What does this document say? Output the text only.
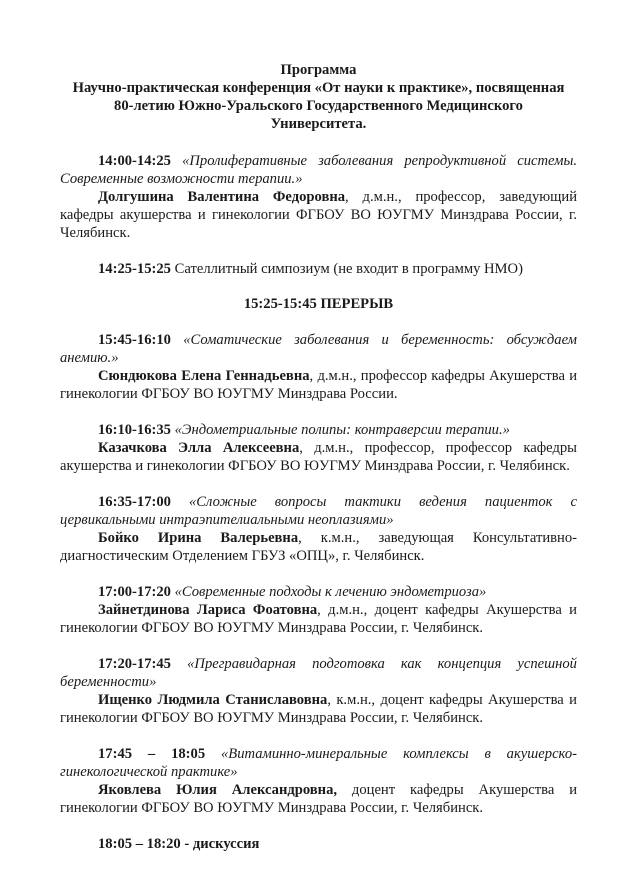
Программа
Научно-практическая конференция «От науки к практике», посвященная
80-летию Южно-Уральского Государственного Медицинского
Университета.

14:00-14:25 «Пролиферативные заболевания репродуктивной системы. Современные возможности терапии.»

Долгушина Валентина Федоровна, д.м.н., профессор, заведующий кафедры акушерства и гинекологии ФГБОУ ВО ЮУГМУ Минздрава России, г. Челябинск.

14:25-15:25 Сателлитный симпозиум (не входит в программу НМО)

15:25-15:45 ПЕРЕРЫВ

15:45-16:10 «Соматические заболевания и беременность: обсуждаем анемию.»

Сюндюкова Елена Геннадьевна, д.м.н., профессор кафедры Акушерства и гинекологии ФГБОУ ВО ЮУГМУ Минздрава России.

16:10-16:35 «Эндометриальные полипы: контраверсии терапии.»

Казачкова Элла Алексеевна, д.м.н., профессор, профессор кафедры акушерства и гинекологии ФГБОУ ВО ЮУГМУ Минздрава России, г. Челябинск.

16:35-17:00 «Сложные вопросы тактики ведения пациенток с цервикальными интраэпителиальными неоплазиями»

Бойко Ирина Валерьевна, к.м.н., заведующая Консультативно-диагностическим Отделением ГБУЗ «ОПЦ», г. Челябинск.

17:00-17:20 «Современные подходы к лечению эндометриоза»

Зайнетдинова Лариса Фоатовна, д.м.н., доцент кафедры Акушерства и гинекологии ФГБОУ ВО ЮУГМУ Минздрава России, г. Челябинск.

17:20-17:45 «Прегравидарная подготовка как концепция успешной беременности»

Ищенко Людмила Станиславовна, к.м.н., доцент кафедры Акушерства и гинекологии ФГБОУ ВО ЮУГМУ Минздрава России, г. Челябинск.

17:45 – 18:05 «Витаминно-минеральные комплексы в акушерско-гинекологической практике»

Яковлева Юлия Александровна, доцент кафедры Акушерства и гинекологии ФГБОУ ВО ЮУГМУ Минздрава России, г. Челябинск.

18:05 – 18:20 - дискуссия
